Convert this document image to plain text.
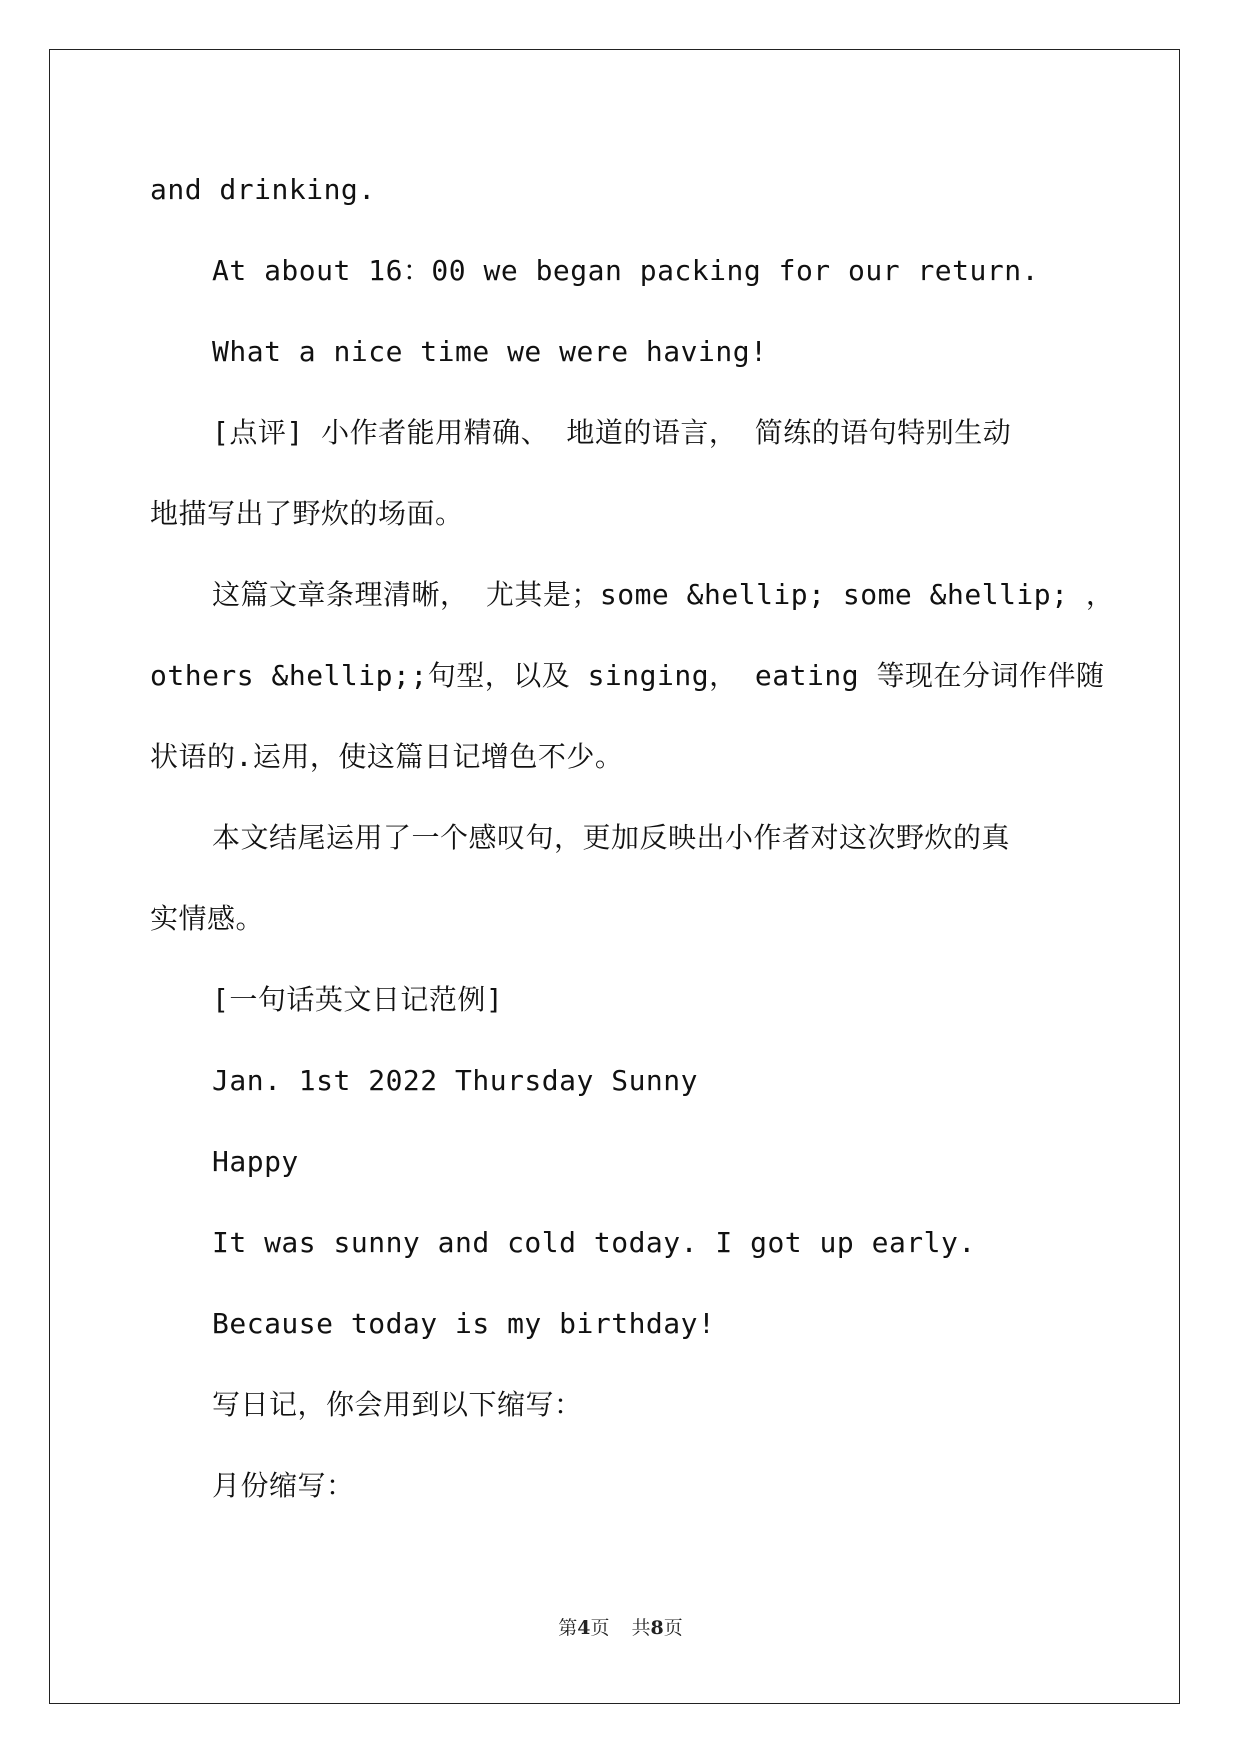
and drinking.
At about 16：00 we began packing for our return.
What a nice time we were having!
[点评] 小作者能用精确、 地道的语言， 简练的语句特别生动
地描写出了野炊的场面。
这篇文章条理清晰， 尤其是；some &hellip; some &hellip; ，
others &hellip;;句型，以及 singing， eating 等现在分词作伴随
状语的.运用，使这篇日记增色不少。
本文结尾运用了一个感叹句，更加反映出小作者对这次野炊的真
实情感。
[一句话英文日记范例]
Jan. 1st 2022 Thursday Sunny
Happy
It was sunny and cold today. I got up early.
Because today is my birthday!
写日记，你会用到以下缩写：
月份缩写：
第4页 共8页
